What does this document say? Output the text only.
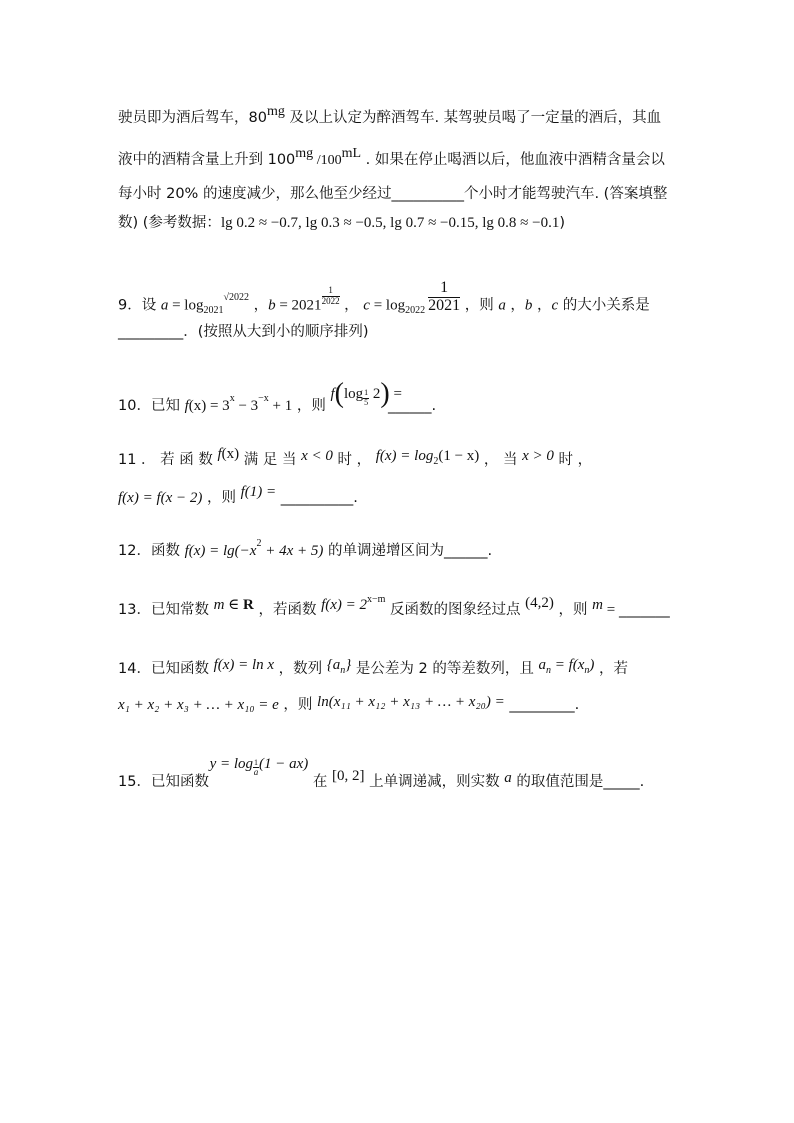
驶员即为酒后驾车，80mg 及以上认定为醉酒驾车. 某驾驶员喝了一定量的酒后，其血
液中的酒精含量上升到 100mg /100mL . 如果在停止喝酒以后，他血液中酒精含量会以
每小时 20% 的速度减少，那么他至少经过__________个小时才能驾驶汽车. (答案填整
数) (参考数据：lg 0.2 ≈ −0.7, lg 0.3 ≈ −0.5, lg 0.7 ≈ −0.15, lg 0.8 ≈ −0.1)
9．设 $a = \log_{2021}^{√2022}$ ，$b = 2021 \frac{1}{2022}$ ， $c = \log_{2022} \frac{1}{2021}$ ，则 a ，b ，c 的大小关系是
_________．(按照从大到小的顺序排列)
10．已知 $f(x) = 3^x - 3^{-x} + 1$ ，则 $f(\log \frac{1}{5} 2)$ =______.
11 ． 若 函 数 f(x) 满 足 当 x < 0 时 ， f(x) = log2(1 − x) ， 当 x > 0 时 ，
f(x) = f(x − 2) ，则 f(1) = __________.
12．函数 $f(x) = \lg(-x^2 + 4x + 5)$ 的单调递增区间为______.
13．已知常数 m ∈ R ，若函数 $f(x) = 2^{x-m}$ 反函数的图象经过点 (4,2) ，则 m = _______
14．已知函数 f(x) = ln x ，数列 {an} 是公差为 2 的等差数列，且 an = f(xn) ，若
x₁ + x₂ + x₃ + … + x₁₀ = e ，则 ln(x₁₁ + x₁₂ + x₁₃ + … + x₂₀) = _________.
15．已知函数 $y = \log \frac{1}{a} (1 - ax)$ 在 [0, 2] 上单调递减，则实数 a 的取值范围是_____.
